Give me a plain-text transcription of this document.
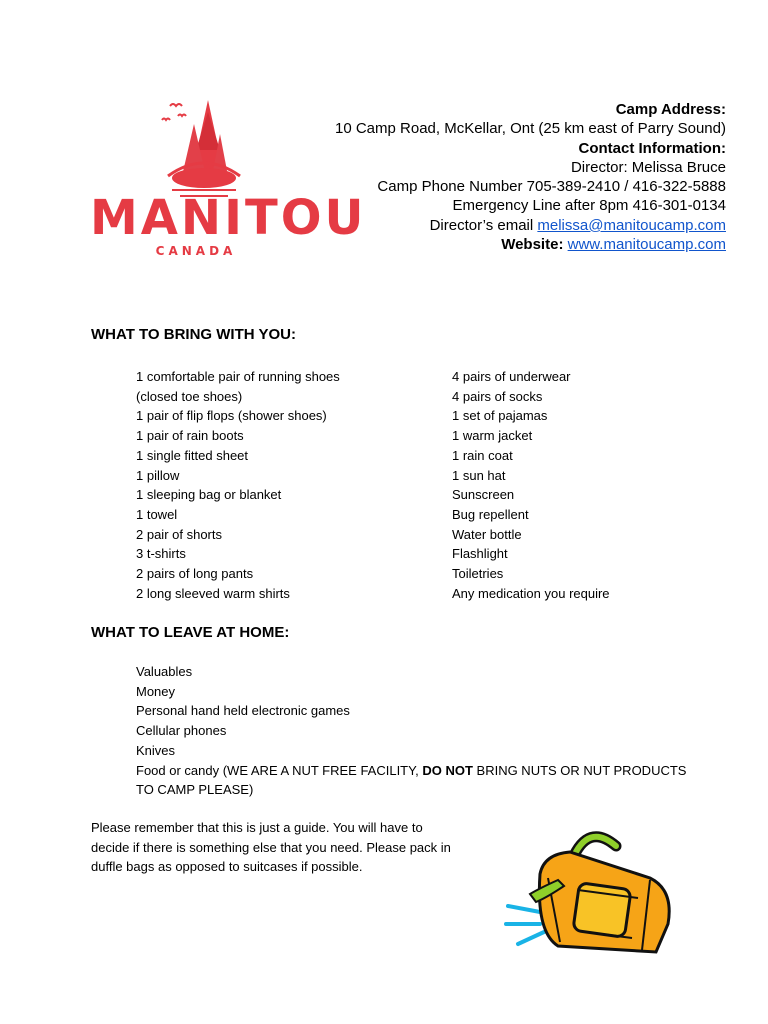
MANITOU
CANADA
Camp Address:
10 Camp Road, McKellar, Ont (25 km east of Parry Sound)
Contact Information:
Director: Melissa Bruce
Camp Phone Number 705-389-2410 / 416-322-5888
Emergency Line after 8pm 416-301-0134
Director’s email melissa@manitoucamp.com
Website: www.manitoucamp.com
WHAT TO BRING WITH YOU:
1 comfortable pair of running shoes
(closed toe shoes)
1 pair of flip flops (shower shoes)
1 pair of rain boots
1 single fitted sheet
1 pillow
1 sleeping bag or blanket
1 towel
2 pair of shorts
3 t-shirts
2 pairs of long pants
2 long sleeved warm shirts
4 pairs of underwear
4 pairs of socks
1 set of pajamas
1 warm jacket
1 rain coat
1 sun hat
Sunscreen
Bug repellent
Water bottle
Flashlight
Toiletries
Any medication you require
WHAT TO LEAVE AT HOME:
Valuables
Money
Personal hand held electronic games
Cellular phones
Knives
Food or candy (WE ARE A NUT FREE FACILITY, DO NOT BRING NUTS OR NUT PRODUCTS
TO CAMP PLEASE)
Please remember that this is just a guide. You will have to
decide if there is something else that you need. Please pack in
duffle bags as opposed to suitcases if possible.
